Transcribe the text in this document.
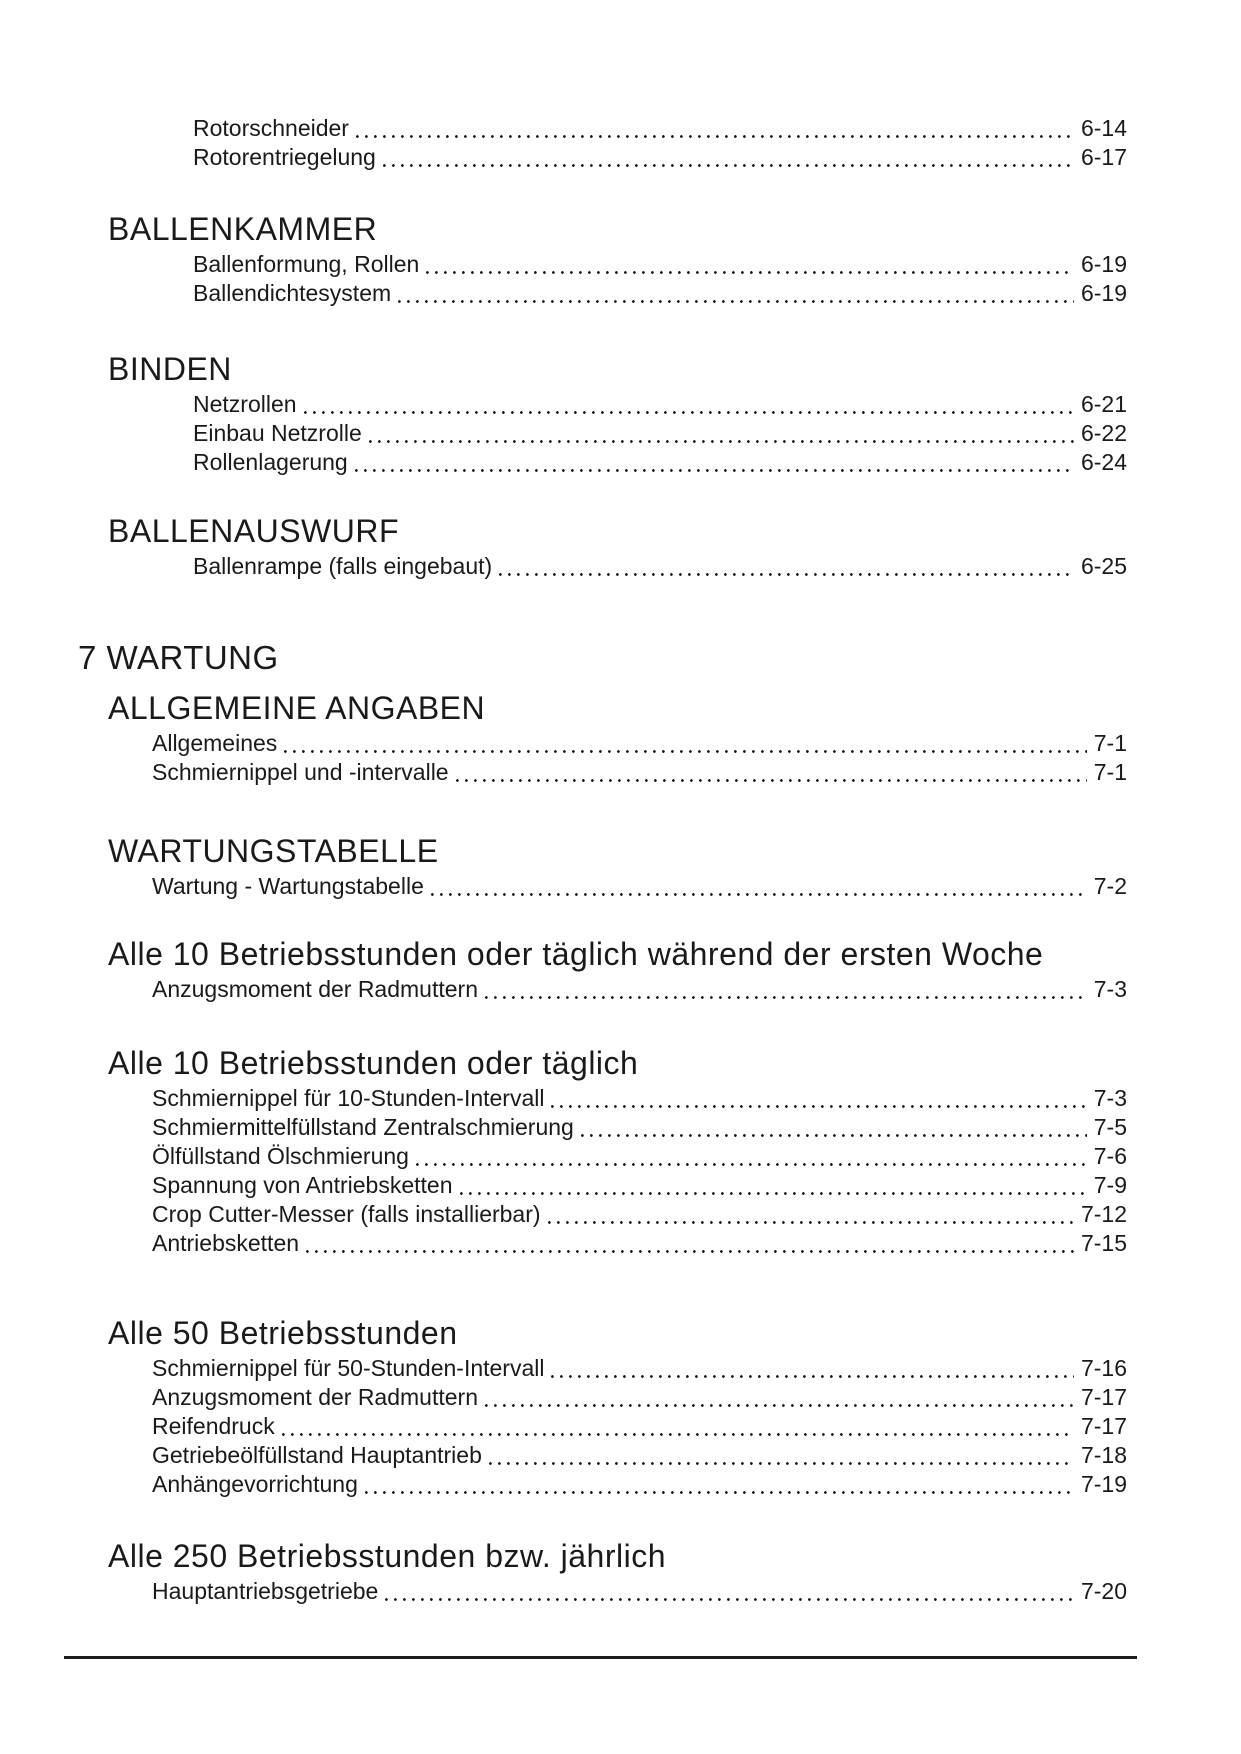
Rotorschneider	6-14
Rotorentriegelung	6-17
BALLENKAMMER
Ballenformung, Rollen	6-19
Ballendichtesystem	6-19
BINDEN
Netzrollen	6-21
Einbau Netzrolle	6-22
Rollenlagerung	6-24
BALLENAUSWURF
Ballenrampe (falls eingebaut)	6-25
7 WARTUNG
ALLGEMEINE ANGABEN
Allgemeines	7-1
Schmiernippel und -intervalle	7-1
WARTUNGSTABELLE
Wartung - Wartungstabelle	7-2
Alle 10 Betriebsstunden oder täglich während der ersten Woche
Anzugsmoment der Radmuttern	7-3
Alle 10 Betriebsstunden oder täglich
Schmiernippel für 10-Stunden-Intervall	7-3
Schmiermittelfüllstand Zentralschmierung	7-5
Ölfüllstand Ölschmierung	7-6
Spannung von Antriebsketten	7-9
Crop Cutter-Messer (falls installierbar)	7-12
Antriebsketten	7-15
Alle 50 Betriebsstunden
Schmiernippel für 50-Stunden-Intervall	7-16
Anzugsmoment der Radmuttern	7-17
Reifendruck	7-17
Getriebeölfüllstand Hauptantrieb	7-18
Anhängevorrichtung	7-19
Alle 250 Betriebsstunden bzw. jährlich
Hauptantriebsgetriebe	7-20
